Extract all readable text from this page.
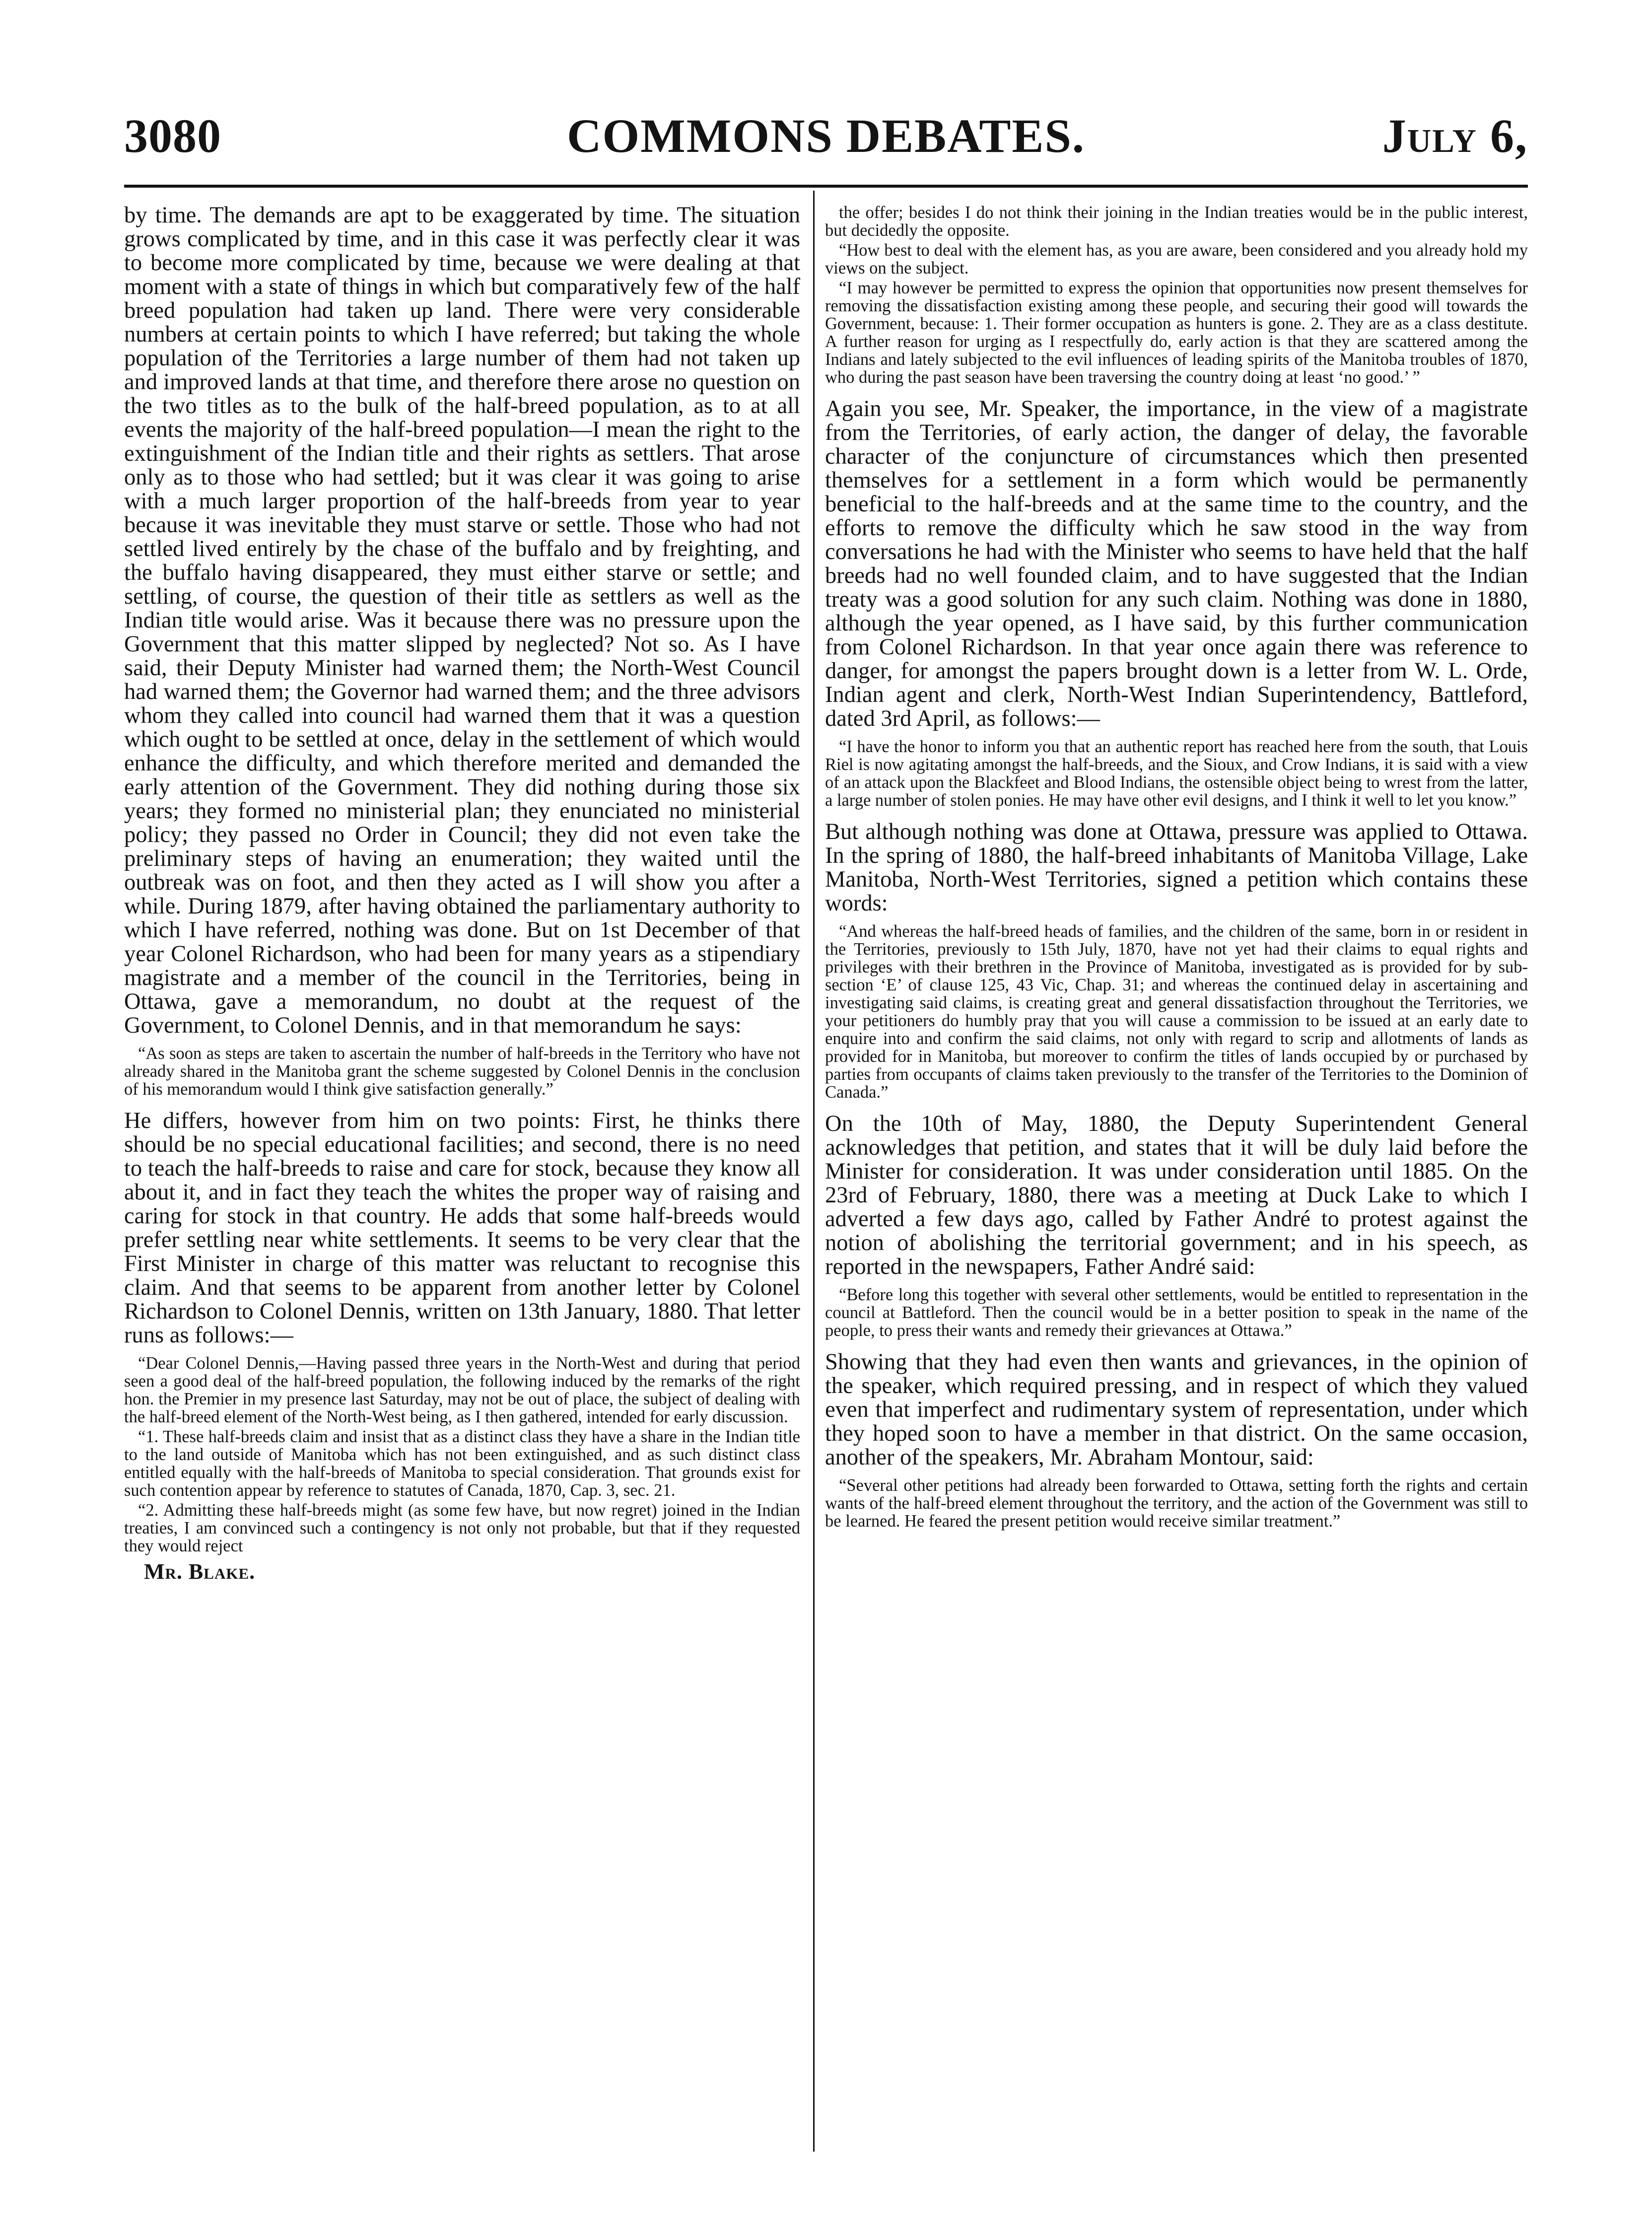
COMMONS DEBATES.
3080	July 6,

by time. The demands are apt to be exaggerated by time. The situation grows complicated by time, and in this case it was perfectly clear it was to become more complicated by time, because we were dealing at that moment with a state of things in which but comparatively few of the half breed population had taken up land. There were very considerable numbers at certain points to which I have referred; but taking the whole population of the Territories a large number of them had not taken up and improved lands at that time, and therefore there arose no question on the two titles as to the bulk of the half-breed population, as to at all events the majority of the half-breed population—I mean the right to the extinguishment of the Indian title and their rights as settlers. That arose only as to those who had settled; but it was clear it was going to arise with a much larger proportion of the half-breeds from year to year because it was inevitable they must starve or settle. Those who had not settled lived entirely by the chase of the buffalo and by freighting, and the buffalo having disappeared, they must either starve or settle; and settling, of course, the question of their title as settlers as well as the Indian title would arise. Was it because there was no pressure upon the Government that this matter slipped by neglected? Not so. As I have said, their Deputy Minister had warned them; the North-West Council had warned them; the Governor had warned them; and the three advisors whom they called into council had warned them that it was a question which ought to be settled at once, delay in the settlement of which would enhance the difficulty, and which therefore merited and demanded the early attention of the Government. They did nothing during those six years; they formed no ministerial plan; they enunciated no ministerial policy; they passed no Order in Council; they did not even take the preliminary steps of having an enumeration; they waited until the outbreak was on foot, and then they acted as I will show you after a while. During 1879, after having obtained the parliamentary authority to which I have referred, nothing was done. But on 1st December of that year Colonel Richardson, who had been for many years as a stipendiary magistrate and a member of the council in the Territories, being in Ottawa, gave a memorandum, no doubt at the request of the Government, to Colonel Dennis, and in that memorandum he says:

“As soon as steps are taken to ascertain the number of half-breeds in the Territory who have not already shared in the Manitoba grant the scheme suggested by Colonel Dennis in the conclusion of his memorandum would I think give satisfaction generally.”

He differs, however from him on two points: First, he thinks there should be no special educational facilities; and second, there is no need to teach the half-breeds to raise and care for stock, because they know all about it, and in fact they teach the whites the proper way of raising and caring for stock in that country. He adds that some half-breeds would prefer settling near white settlements. It seems to be very clear that the First Minister in charge of this matter was reluctant to recognise this claim. And that seems to be apparent from another letter by Colonel Richardson to Colonel Dennis, written on 13th January, 1880. That letter runs as follows:—

“Dear Colonel Dennis,—Having passed three years in the North-West and during that period seen a good deal of the half-breed population, the following induced by the remarks of the right hon. the Premier in my presence last Saturday, may not be out of place, the subject of dealing with the half-breed element of the North-West being, as I then gathered, intended for early discussion.

“1. These half-breeds claim and insist that as a distinct class they have a share in the Indian title to the land outside of Manitoba which has not been extinguished, and as such distinct class entitled equally with the half-breeds of Manitoba to special consideration. That grounds exist for such contention appear by reference to statutes of Canada, 1870, Cap. 3, sec. 21.

“2. Admitting these half-breeds might (as some few have, but now regret) joined in the Indian treaties, I am convinced such a contingency is not only not probable, but that if they requested they would reject

Mr. Blake.

the offer; besides I do not think their joining in the Indian treaties would be in the public interest, but decidedly the opposite.

“How best to deal with the element has, as you are aware, been considered and you already hold my views on the subject.

“I may however be permitted to express the opinion that opportunities now present themselves for removing the dissatisfaction existing among these people, and securing their good will towards the Government, because: 1. Their former occupation as hunters is gone. 2. They are as a class destitute. A further reason for urging as I respectfully do, early action is that they are scattered among the Indians and lately subjected to the evil influences of leading spirits of the Manitoba troubles of 1870, who during the past season have been traversing the country doing at least ‘no good.’ ”

Again you see, Mr. Speaker, the importance, in the view of a magistrate from the Territories, of early action, the danger of delay, the favorable character of the conjuncture of circumstances which then presented themselves for a settlement in a form which would be permanently beneficial to the half-breeds and at the same time to the country, and the efforts to remove the difficulty which he saw stood in the way from conversations he had with the Minister who seems to have held that the half breeds had no well founded claim, and to have suggested that the Indian treaty was a good solution for any such claim. Nothing was done in 1880, although the year opened, as I have said, by this further communication from Colonel Richardson. In that year once again there was reference to danger, for amongst the papers brought down is a letter from W. L. Orde, Indian agent and clerk, North-West Indian Superintendency, Battleford, dated 3rd April, as follows:—

“I have the honor to inform you that an authentic report has reached here from the south, that Louis Riel is now agitating amongst the half-breeds, and the Sioux, and Crow Indians, it is said with a view of an attack upon the Blackfeet and Blood Indians, the ostensible object being to wrest from the latter, a large number of stolen ponies. He may have other evil designs, and I think it well to let you know.”

But although nothing was done at Ottawa, pressure was applied to Ottawa. In the spring of 1880, the half-breed inhabitants of Manitoba Village, Lake Manitoba, North-West Territories, signed a petition which contains these words:

“And whereas the half-breed heads of families, and the children of the same, born in or resident in the Territories, previously to 15th July, 1870, have not yet had their claims to equal rights and privileges with their brethren in the Province of Manitoba, investigated as is provided for by sub-section ‘E’ of clause 125, 43 Vic, Chap. 31; and whereas the continued delay in ascertaining and investigating said claims, is creating great and general dissatisfaction throughout the Territories, we your petitioners do humbly pray that you will cause a commission to be issued at an early date to enquire into and confirm the said claims, not only with regard to scrip and allotments of lands as provided for in Manitoba, but moreover to confirm the titles of lands occupied by or purchased by parties from occupants of claims taken previously to the transfer of the Territories to the Dominion of Canada.”

On the 10th of May, 1880, the Deputy Superintendent General acknowledges that petition, and states that it will be duly laid before the Minister for consideration. It was under consideration until 1885. On the 23rd of February, 1880, there was a meeting at Duck Lake to which I adverted a few days ago, called by Father André to protest against the notion of abolishing the territorial government; and in his speech, as reported in the newspapers, Father André said:

“Before long this together with several other settlements, would be entitled to representation in the council at Battleford. Then the council would be in a better position to speak in the name of the people, to press their wants and remedy their grievances at Ottawa.”

Showing that they had even then wants and grievances, in the opinion of the speaker, which required pressing, and in respect of which they valued even that imperfect and rudimentary system of representation, under which they hoped soon to have a member in that district. On the same occasion, another of the speakers, Mr. Abraham Montour, said:

“Several other petitions had already been forwarded to Ottawa, setting forth the rights and certain wants of the half-breed element throughout the territory, and the action of the Government was still to be learned. He feared the present petition would receive similar treatment.”
